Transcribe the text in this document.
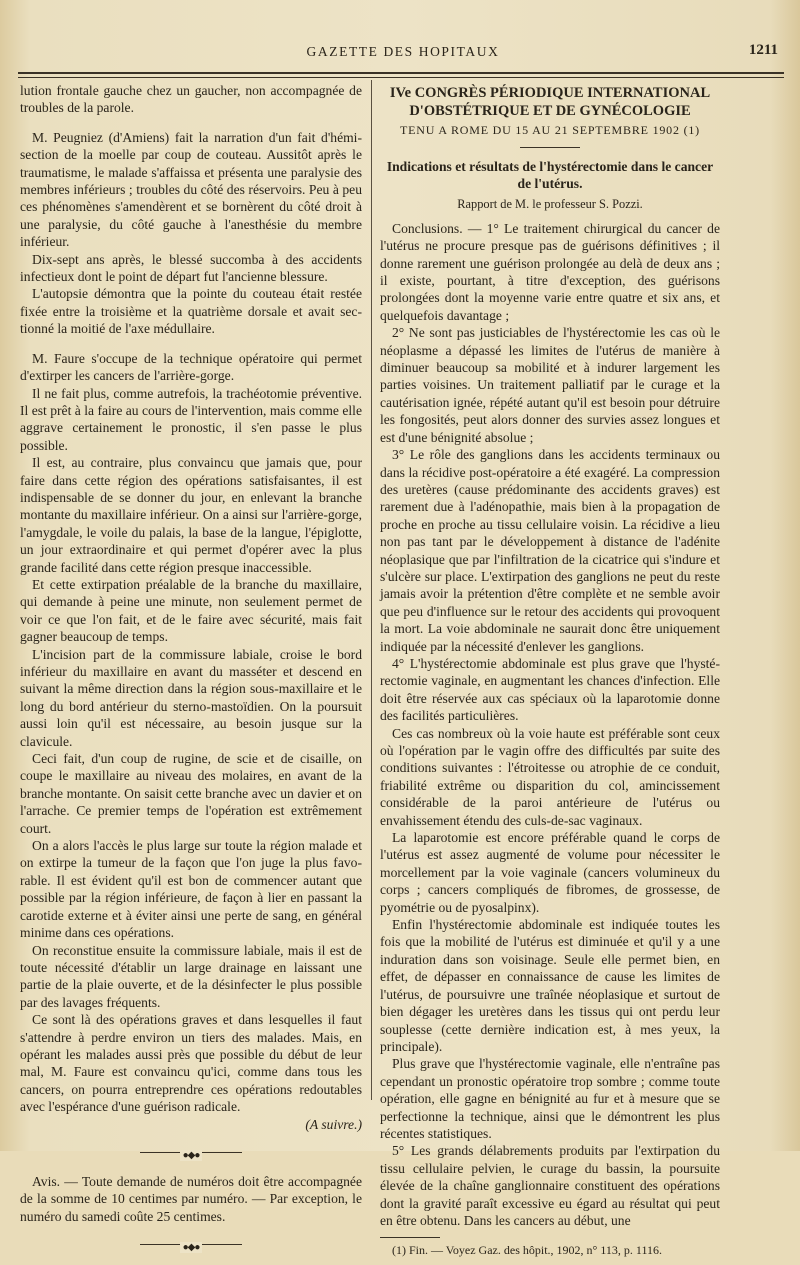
GAZETTE DES HOPITAUX	1211

lution frontale gauche chez un gaucher, non accompagnée de troubles de la parole.

M. Peugniez (d'Amiens) fait la narration d'un fait d'hémisection de la moelle par coup de couteau. Aussitôt après le traumatisme, le malade s'affaissa et présenta une paralysie des membres inférieurs ; troubles du côté des réservoirs. Peu à peu ces phénomènes s'amendèrent et se bornèrent du côté droit à une paralysie, du côté gauche à l'anesthésie du membre inférieur.

Dix-sept ans après, le blessé succomba à des accidents infectieux dont le point de départ fut l'ancienne blessure.

L'autopsie démontra que la pointe du couteau était restée fixée entre la troisième et la quatrième dorsale et avait sectionné la moitié de l'axe médullaire.

M. Faure s'occupe de la technique opératoire qui permet d'extirper les cancers de l'arrière-gorge.

Il ne fait plus, comme autrefois, la trachéotomie préventive. Il est prêt à la faire au cours de l'intervention, mais comme elle aggrave certainement le pronostic, il s'en passe le plus possible.

Il est, au contraire, plus convaincu que jamais que, pour faire dans cette région des opérations satisfaisantes, il est indispensable de se donner du jour, en enlevant la branche montante du maxillaire inférieur. On a ainsi sur l'arrière-gorge, l'amygdale, le voile du palais, la base de la langue, l'épiglotte, un jour extraordinaire et qui permet d'opérer avec la plus grande facilité dans cette région presque inaccessible.

Et cette extirpation préalable de la branche du maxillaire, qui demande à peine une minute, non seulement permet de voir ce que l'on fait, et de le faire avec sécurité, mais fait gagner beaucoup de temps.

L'incision part de la commissure labiale, croise le bord inférieur du maxillaire en avant du masséter et descend en suivant la même direction dans la région sous-maxillaire et le long du bord antérieur du sterno-mastoïdien. On la poursuit aussi loin qu'il est nécessaire, au besoin jusque sur la clavicule.

Ceci fait, d'un coup de rugine, de scie et de cisaille, on coupe le maxillaire au niveau des molaires, en avant de la branche montante. On saisit cette branche avec un davier et on l'arrache. Ce premier temps de l'opération est extrêmement court.

On a alors l'accès le plus large sur toute la région malade et on extirpe la tumeur de la façon que l'on juge la plus favorable. Il est évident qu'il est bon de commencer autant que possible par la région inférieure, de façon à lier en passant la carotide externe et à éviter ainsi une perte de sang, en général minime dans ces opérations.

On reconstitue ensuite la commissure labiale, mais il est de toute nécessité d'établir un large drainage en laissant une partie de la plaie ouverte, et de la désinfecter le plus possible par des lavages fréquents.

Ce sont là des opérations graves et dans lesquelles il faut s'attendre à perdre environ un tiers des malades. Mais, en opérant les malades aussi près que possible du début de leur mal, M. Faure est convaincu qu'ici, comme dans tous les cancers, on pourra entreprendre ces opérations redoutables avec l'espérance d'une guérison radicale.

(A suivre.)
●◆●

Avis. — Toute demande de numéros doit être accompagnée de la somme de 10 centimes par numéro. — Par exception, le numéro du samedi coûte 25 centimes.

●◆●
IVe CONGRÈS PÉRIODIQUE INTERNATIONAL
D'OBSTÉTRIQUE ET DE GYNÉCOLOGIE
TENU A ROME DU 15 AU 21 SEPTEMBRE 1902 (1)
Indications et résultats de l'hystérectomie dans le cancer de l'utérus.
Rapport de M. le professeur S. Pozzi.

Conclusions. — 1° Le traitement chirurgical du cancer de l'utérus ne procure presque pas de guérisons définitives ; il donne rarement une guérison prolongée au delà de deux ans ; il existe, pourtant, à titre d'exception, des guérisons prolongées dont la moyenne varie entre quatre et six ans, et quelquefois davantage ;

2° Ne sont pas justiciables de l'hystérectomie les cas où le néoplasme a dépassé les limites de l'utérus de manière à diminuer beaucoup sa mobilité et à indurer largement les parties voisines. Un traitement palliatif par le curage et la cautérisation ignée, répété autant qu'il est besoin pour détruire les fongosités, peut alors donner des survies assez longues et est d'une bénignité absolue ;

3° Le rôle des ganglions dans les accidents terminaux ou dans la récidive post-opératoire a été exagéré. La compression des uretères (cause prédominante des accidents graves) est rarement due à l'adénopathie, mais bien à la propagation de proche en proche au tissu cellulaire voisin. La récidive a lieu non pas tant par le développement à distance de l'adénite néoplasique que par l'infiltration de la cicatrice qui s'indure et s'ulcère sur place. L'extirpation des ganglions ne peut du reste jamais avoir la prétention d'être complète et ne semble avoir que peu d'influence sur le retour des accidents qui provoquent la mort. La voie abdominale ne saurait donc être uniquement indiquée par la nécessité d'enlever les ganglions.

4° L'hystérectomie abdominale est plus grave que l'hystérectomie vaginale, en augmentant les chances d'infection. Elle doit être réservée aux cas spéciaux où la laparotomie donne des facilités particulières.

Ces cas nombreux où la voie haute est préférable sont ceux où l'opération par le vagin offre des difficultés par suite des conditions suivantes : l'étroitesse ou atrophie de ce conduit, friabilité extrême ou disparition du col, amincissement considérable de la paroi antérieure de l'utérus ou envahissement étendu des culs-de-sac vaginaux.

La laparotomie est encore préférable quand le corps de l'utérus est assez augmenté de volume pour nécessiter le morcellement par la voie vaginale (cancers volumineux du corps ; cancers compliqués de fibromes, de grossesse, de pyométrie ou de pyosalpinx).

Enfin l'hystérectomie abdominale est indiquée toutes les fois que la mobilité de l'utérus est diminuée et qu'il y a une induration dans son voisinage. Seule elle permet bien, en effet, de dépasser en connaissance de cause les limites de l'utérus, de poursuivre une traînée néoplasique et surtout de bien dégager les uretères dans les tissus qui ont perdu leur souplesse (cette dernière indication est, à mes yeux, la principale).

Plus grave que l'hystérectomie vaginale, elle n'entraîne pas cependant un pronostic opératoire trop sombre ; comme toute opération, elle gagne en bénignité au fur et à mesure que se perfectionne la technique, ainsi que le démontrent les plus récentes statistiques.

5° Les grands délabrements produits par l'extirpation du tissu cellulaire pelvien, le curage du bassin, la poursuite élevée de la chaîne ganglionnaire constituent des opérations dont la gravité paraît excessive eu égard au résultat qui peut en être obtenu. Dans les cancers au début, une

(1) Fin. — Voyez Gaz. des hôpit., 1902, n° 113, p. 1116.
